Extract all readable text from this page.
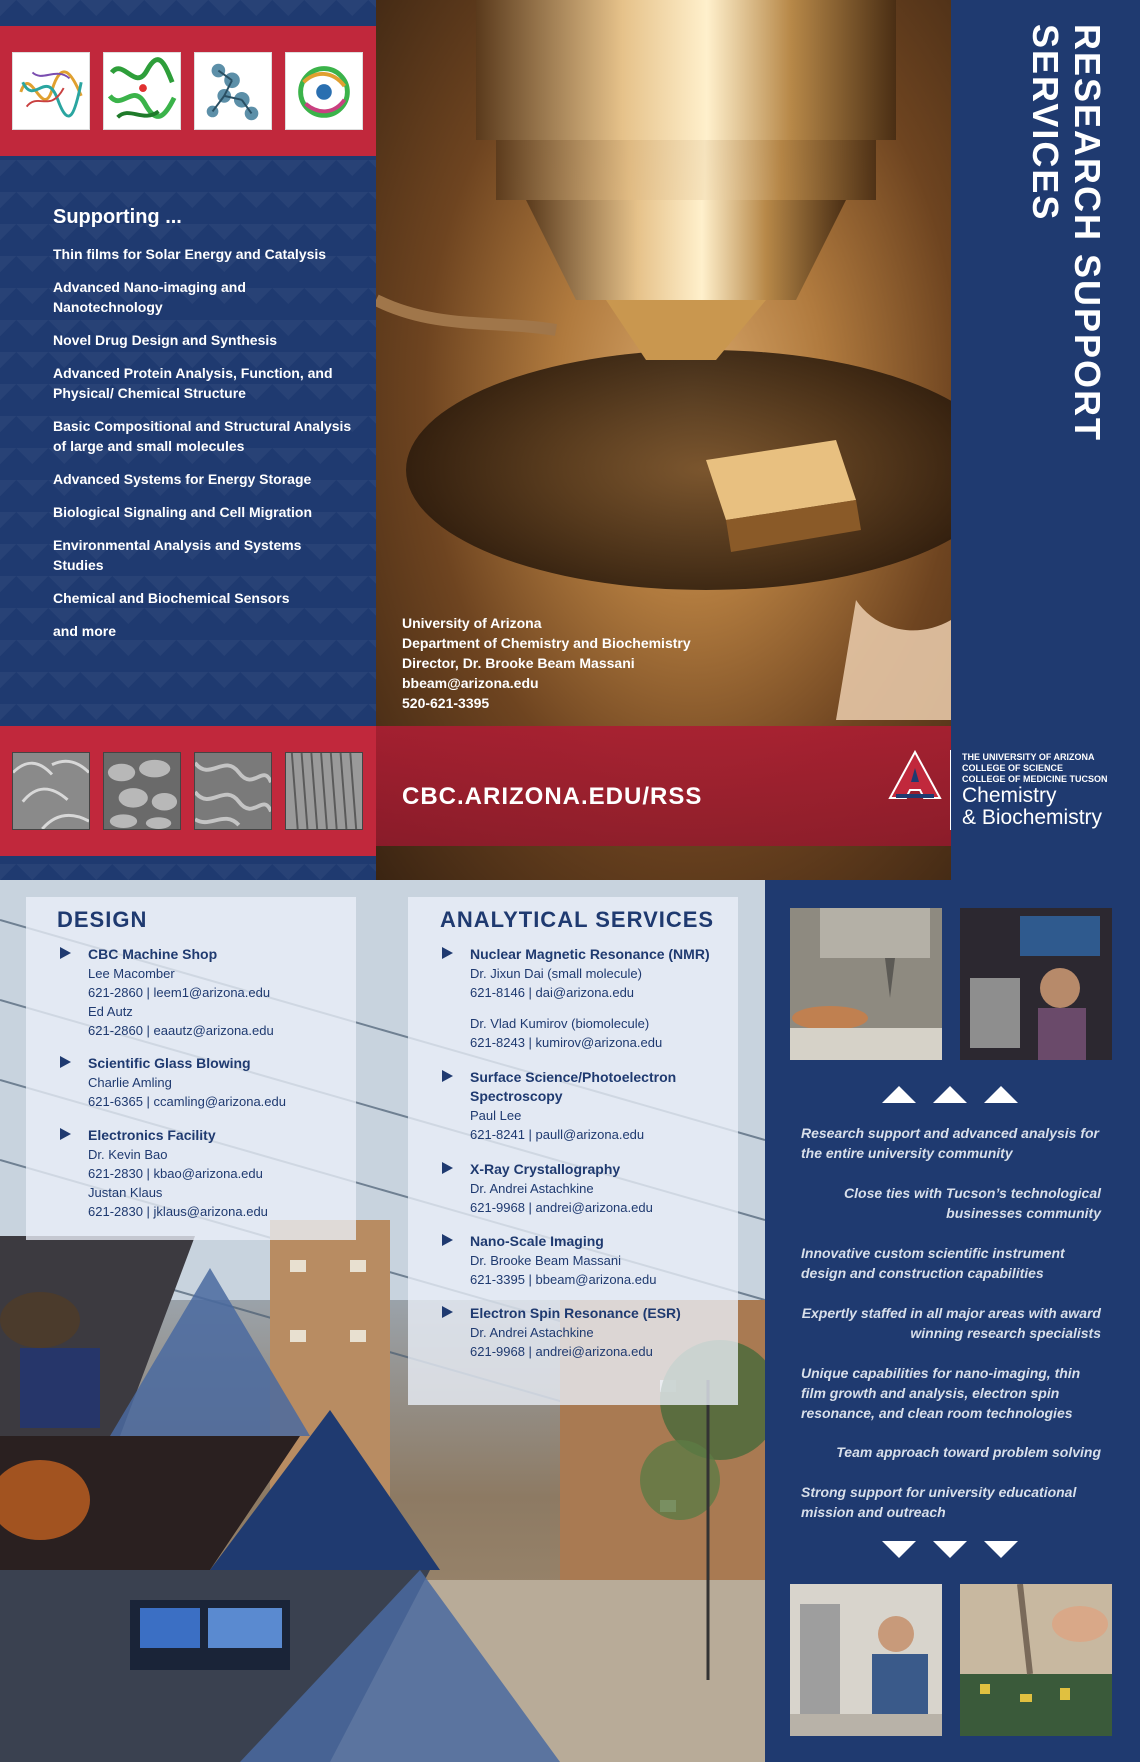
Supporting ...
Thin films for Solar Energy and Catalysis
Advanced Nano-imaging and Nanotechnology
Novel Drug Design and Synthesis
Advanced Protein Analysis, Function, and Physical/ Chemical Structure
Basic Compositional and Structural Analysis of large and small molecules
Advanced Systems for Energy Storage
Biological Signaling and Cell Migration
Environmental Analysis and Systems Studies
Chemical and Biochemical Sensors
and more	University of Arizona
Department of Chemistry and Biochemistry
Director, Dr. Brooke Beam Massani
bbeam@arizona.edu
520-621-3395
CBC.ARIZONA.EDU/RSS
RESEARCH SUPPORT SERVICES
THE UNIVERSITY OF ARIZONA
COLLEGE OF SCIENCE
COLLEGE OF MEDICINE TUCSON
Chemistry
& Biochemistry
DESIGN
CBC Machine Shop
Lee Macomber
621-2860 | leem1@arizona.edu
Ed Autz
621-2860 | eaautz@arizona.edu
Scientific Glass Blowing
Charlie Amling
621-6365 | ccamling@arizona.edu
Electronics Facility
Dr. Kevin Bao
621-2830 | kbao@arizona.edu
Justan Klaus
621-2830 | jklaus@arizona.edu
ANALYTICAL SERVICES
Nuclear Magnetic Resonance (NMR)
Dr. Jixun Dai (small molecule)
621-8146 | dai@arizona.edu
Dr. Vlad Kumirov (biomolecule)
621-8243 | kumirov@arizona.edu
Surface Science/Photoelectron Spectroscopy
Paul Lee
621-8241 | paull@arizona.edu
X-Ray Crystallography
Dr. Andrei Astachkine
621-9968 | andrei@arizona.edu
Nano-Scale Imaging
Dr. Brooke Beam Massani
621-3395 | bbeam@arizona.edu
Electron Spin Resonance (ESR)
Dr. Andrei Astachkine
621-9968 | andrei@arizona.edu
Research support and advanced analysis for the entire university community
Close ties with Tucson’s technological businesses community
Innovative custom scientific instrument design and construction capabilities
Expertly staffed in all major areas with award winning research specialists
Unique capabilities for nano-imaging, thin film growth and analysis, electron spin resonance, and clean room technologies
Team approach toward problem solving
Strong support for university educational mission and outreach
